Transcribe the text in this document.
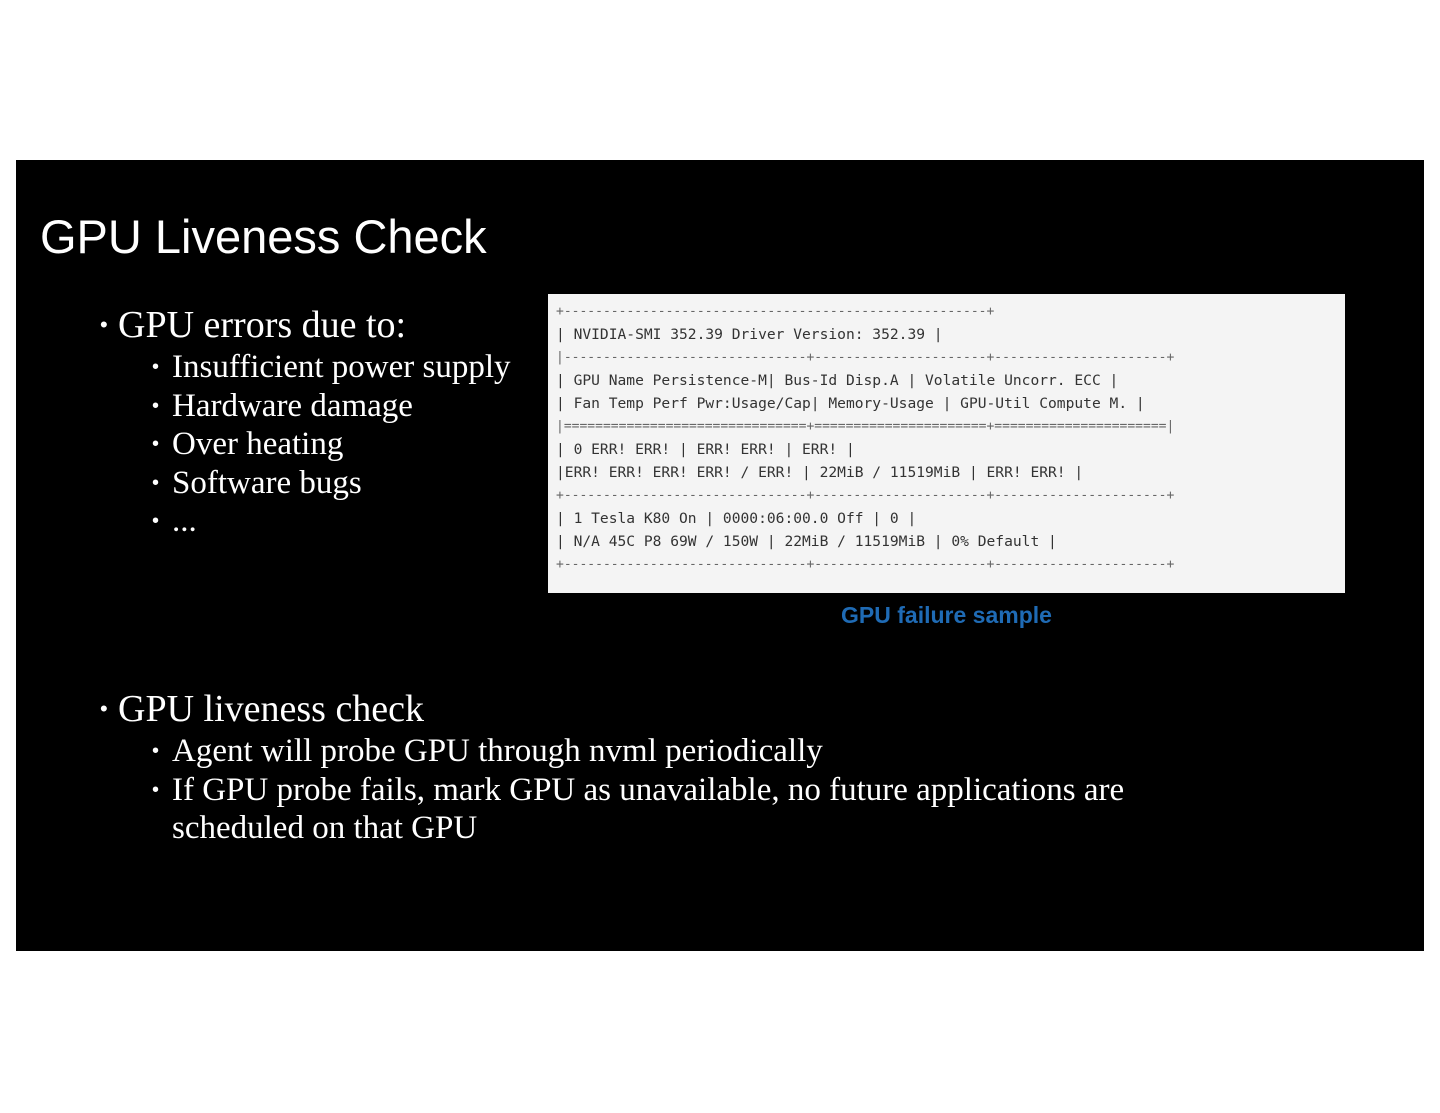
GPU Liveness Check
• GPU errors due to:
• Insufficient power supply
• Hardware damage
• Over heating
• Software bugs
• ...
+------------------------------------------------------+
| NVIDIA-SMI 352.39 Driver Version: 352.39 |
|-------------------------------+----------------------+----------------------+
| GPU Name Persistence-M| Bus-Id Disp.A | Volatile Uncorr. ECC |
| Fan Temp Perf Pwr:Usage/Cap| Memory-Usage | GPU-Util Compute M. |
|===============================+======================+======================|
| 0 ERR! ERR! | ERR! ERR! | ERR! |
|ERR! ERR! ERR! ERR! / ERR! | 22MiB / 11519MiB | ERR! ERR! |
+-------------------------------+----------------------+----------------------+
| 1 Tesla K80 On | 0000:06:00.0 Off | 0 |
| N/A 45C P8 69W / 150W | 22MiB / 11519MiB | 0% Default |
+-------------------------------+----------------------+----------------------+
GPU failure sample
• GPU liveness check
• Agent will probe GPU through nvml periodically
• If GPU probe fails, mark GPU as unavailable, no future applications are scheduled on that GPU
